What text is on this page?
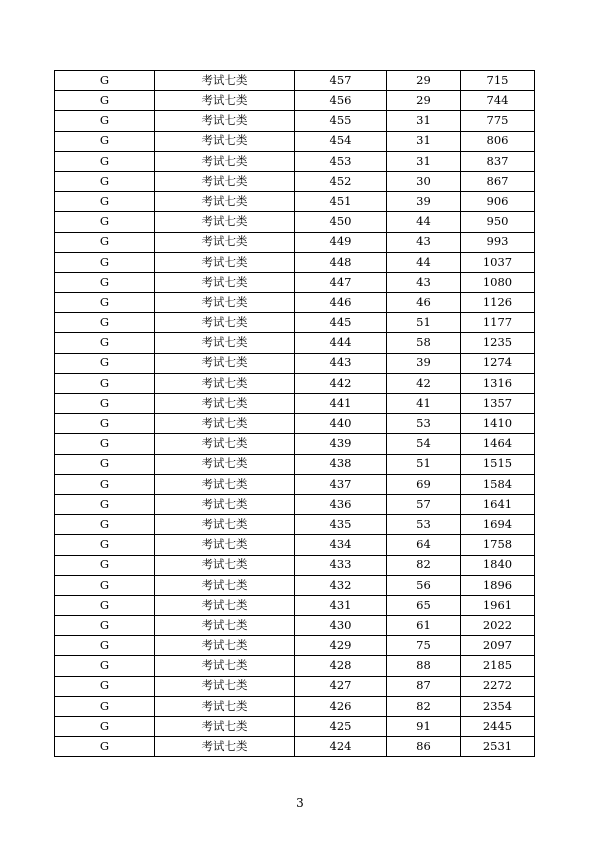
G	考试七类	457	29	715
G	考试七类	456	29	744
G	考试七类	455	31	775
G	考试七类	454	31	806
G	考试七类	453	31	837
G	考试七类	452	30	867
G	考试七类	451	39	906
G	考试七类	450	44	950
G	考试七类	449	43	993
G	考试七类	448	44	1037
G	考试七类	447	43	1080
G	考试七类	446	46	1126
G	考试七类	445	51	1177
G	考试七类	444	58	1235
G	考试七类	443	39	1274
G	考试七类	442	42	1316
G	考试七类	441	41	1357
G	考试七类	440	53	1410
G	考试七类	439	54	1464
G	考试七类	438	51	1515
G	考试七类	437	69	1584
G	考试七类	436	57	1641
G	考试七类	435	53	1694
G	考试七类	434	64	1758
G	考试七类	433	82	1840
G	考试七类	432	56	1896
G	考试七类	431	65	1961
G	考试七类	430	61	2022
G	考试七类	429	75	2097
G	考试七类	428	88	2185
G	考试七类	427	87	2272
G	考试七类	426	82	2354
G	考试七类	425	91	2445
G	考试七类	424	86	2531
3
